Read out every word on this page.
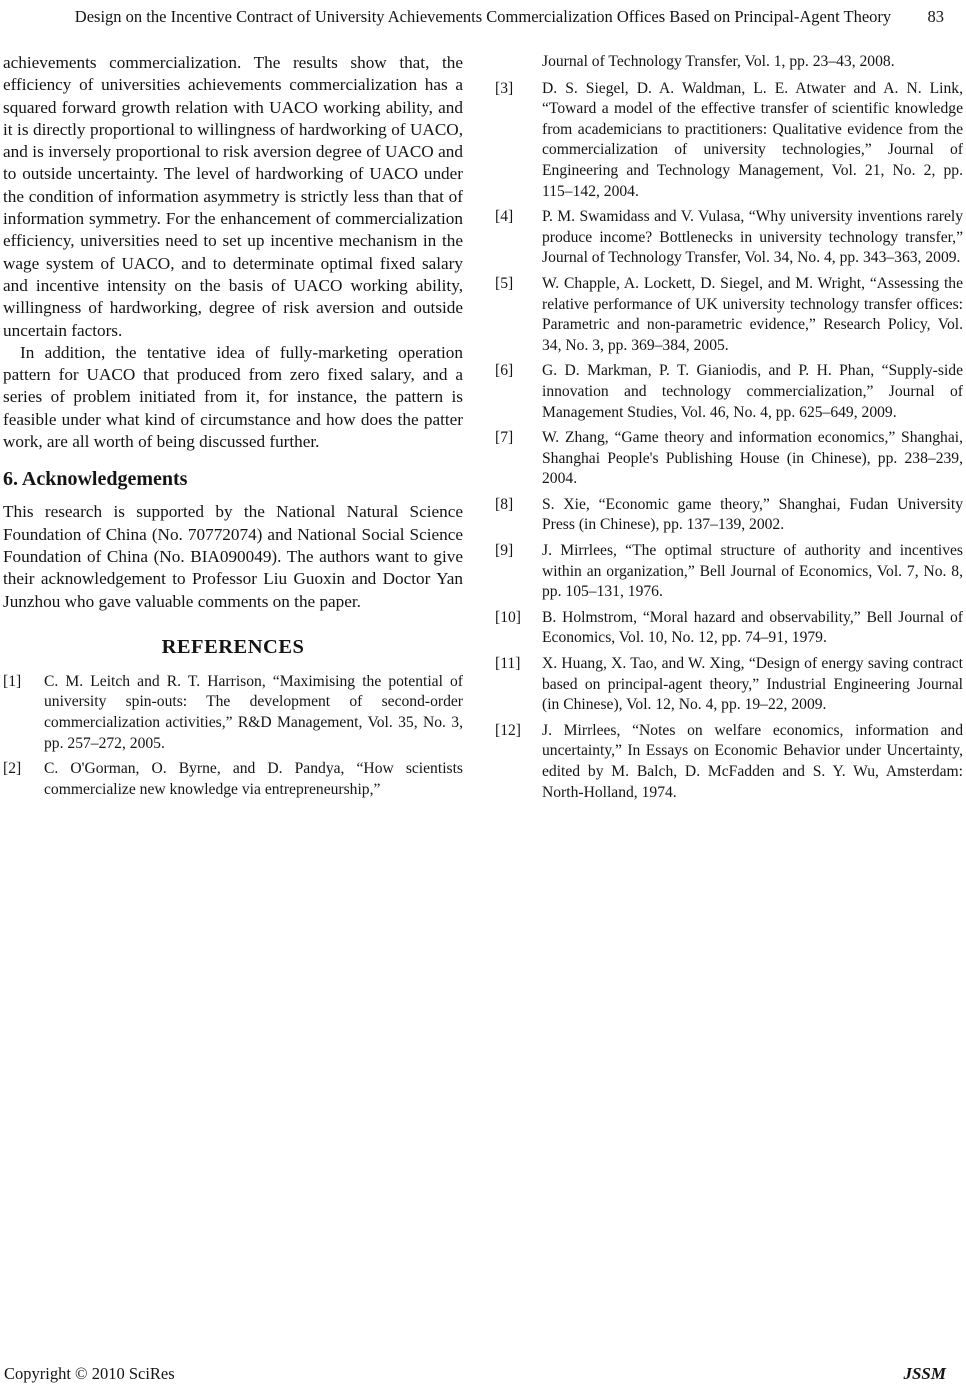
Design on the Incentive Contract of University Achievements Commercialization Offices Based on Principal-Agent Theory	83

achievements commercialization. The results show that, the efficiency of universities achievements commercialization has a squared forward growth relation with UACO working ability, and it is directly proportional to willingness of hardworking of UACO, and is inversely proportional to risk aversion degree of UACO and to outside uncertainty. The level of hardworking of UACO under the condition of information asymmetry is strictly less than that of information symmetry. For the enhancement of commercialization efficiency, universities need to set up incentive mechanism in the wage system of UACO, and to determinate optimal fixed salary and incentive intensity on the basis of UACO working ability, willingness of hardworking, degree of risk aversion and outside uncertain factors.

In addition, the tentative idea of fully-marketing operation pattern for UACO that produced from zero fixed salary, and a series of problem initiated from it, for instance, the pattern is feasible under what kind of circumstance and how does the patter work, are all worth of being discussed further.

6. Acknowledgements

This research is supported by the National Natural Science Foundation of China (No. 70772074) and National Social Science Foundation of China (No. BIA090049). The authors want to give their acknowledgement to Professor Liu Guoxin and Doctor Yan Junzhou who gave valuable comments on the paper.

REFERENCES
[1]	C. M. Leitch and R. T. Harrison, “Maximising the potential of university spin-outs: The development of second-order commercialization activities,” R&D Management, Vol. 35, No. 3, pp. 257–272, 2005.
[2]	C. O'Gorman, O. Byrne, and D. Pandya, “How scientists commercialize new knowledge via entrepreneurship,”

Journal of Technology Transfer, Vol. 1, pp. 23–43, 2008.

[3]	D. S. Siegel, D. A. Waldman, L. E. Atwater and A. N. Link, “Toward a model of the effective transfer of scientific knowledge from academicians to practitioners: Qualitative evidence from the commercialization of university technologies,” Journal of Engineering and Technology Management, Vol. 21, No. 2, pp. 115–142, 2004.
[4]	P. M. Swamidass and V. Vulasa, “Why university inventions rarely produce income? Bottlenecks in university technology transfer,” Journal of Technology Transfer, Vol. 34, No. 4, pp. 343–363, 2009.
[5]	W. Chapple, A. Lockett, D. Siegel, and M. Wright, “Assessing the relative performance of UK university technology transfer offices: Parametric and non-parametric evidence,” Research Policy, Vol. 34, No. 3, pp. 369–384, 2005.
[6]	G. D. Markman, P. T. Gianiodis, and P. H. Phan, “Supply-side innovation and technology commercialization,” Journal of Management Studies, Vol. 46, No. 4, pp. 625–649, 2009.
[7]	W. Zhang, “Game theory and information economics,” Shanghai, Shanghai People's Publishing House (in Chinese), pp. 238–239, 2004.
[8]	S. Xie, “Economic game theory,” Shanghai, Fudan University Press (in Chinese), pp. 137–139, 2002.
[9]	J. Mirrlees, “The optimal structure of authority and incentives within an organization,” Bell Journal of Economics, Vol. 7, No. 8, pp. 105–131, 1976.
[10]	B. Holmstrom, “Moral hazard and observability,” Bell Journal of Economics, Vol. 10, No. 12, pp. 74–91, 1979.
[11]	X. Huang, X. Tao, and W. Xing, “Design of energy saving contract based on principal-agent theory,” Industrial Engineering Journal (in Chinese), Vol. 12, No. 4, pp. 19–22, 2009.
[12]	J. Mirrlees, “Notes on welfare economics, information and uncertainty,” In Essays on Economic Behavior under Uncertainty, edited by M. Balch, D. McFadden and S. Y. Wu, Amsterdam: North-Holland, 1974.
Copyright © 2010 SciRes	JSSM
